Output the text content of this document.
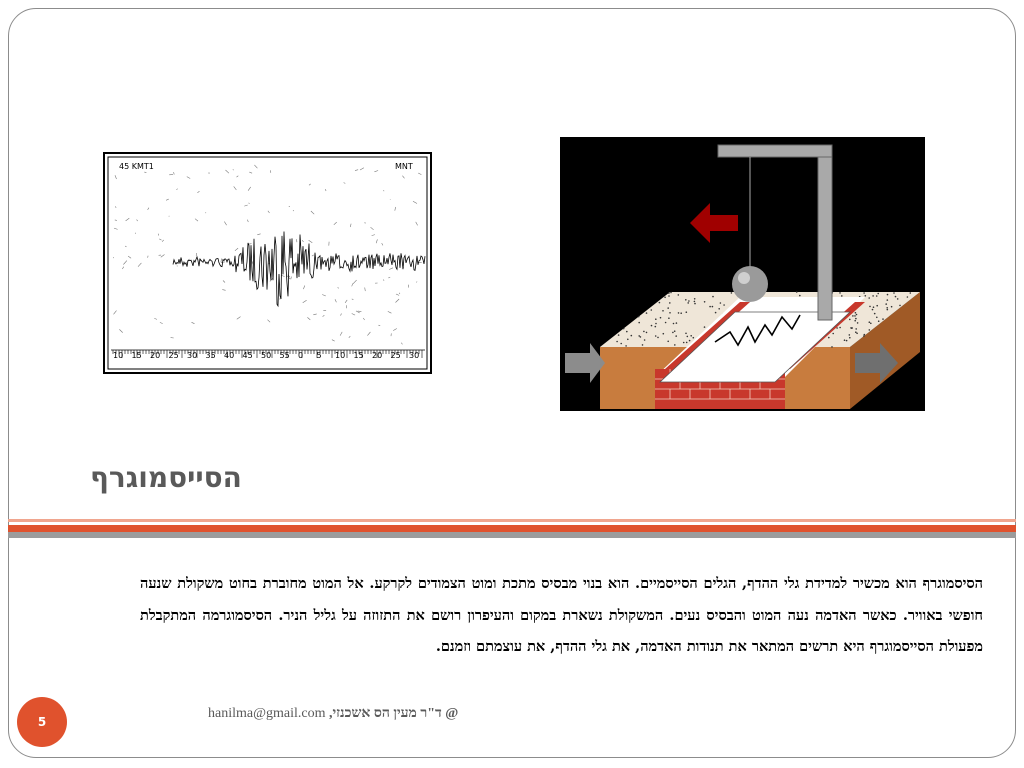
45 KMT1	MNT
10 15 20 25 30 35 40 45 50 55 0 5 10 15 20 25 30
הסייסמוגרף
הסיסמוגרף הוא מכשיר למדידת גלי ההדף, הגלים הסייסמיים. הוא בנוי מבסיס מתכת ומוט הצמודים לקרקע. אל המוט מחוברת בחוט משקולת שנעה חופשי באוויר. כאשר האדמה נעה המוט והבסיס נעים. המשקולת נשארת במקום והעיפרון רושם את התזוזה על גליל הניר. הסיסמוגרמה המתקבלת מפעולת הסייסמוגרף היא תרשים המתאר את תנודות האדמה, את גלי ההדף, את עוצמתם וזמנם.
5
hanilma@gmail.com @ ד"ר מעין הס אשכנזי,
